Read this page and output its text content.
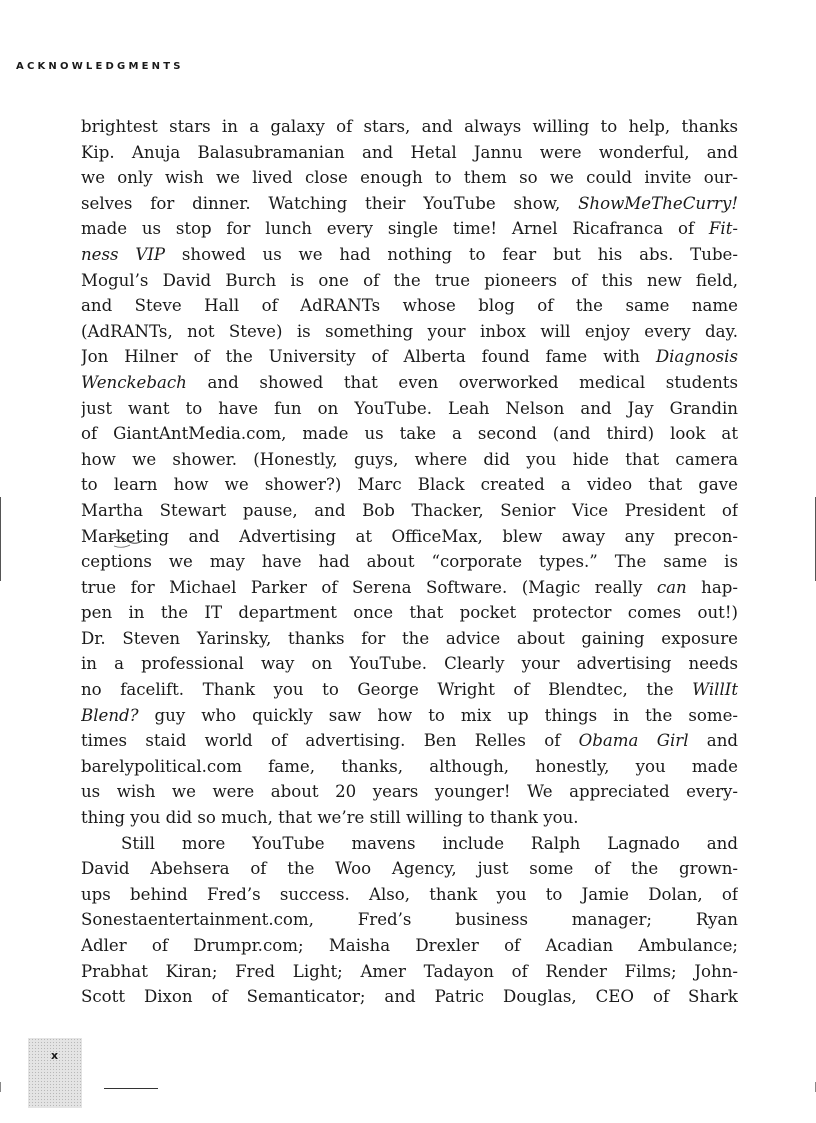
ACKNOWLEDGMENTS
brightest stars in a galaxy of stars, and always willing to help, thanks
Kip. Anuja Balasubramanian and Hetal Jannu were wonderful, and
we only wish we lived close enough to them so we could invite our-
selves for dinner. Watching their YouTube show, ShowMeTheCurry!
made us stop for lunch every single time! Arnel Ricafranca of Fit-
ness VIP showed us we had nothing to fear but his abs. Tube-
Mogul’s David Burch is one of the true pioneers of this new field,
and Steve Hall of AdRANTs whose blog of the same name
(AdRANTs, not Steve) is something your inbox will enjoy every day.
Jon Hilner of the University of Alberta found fame with Diagnosis
Wenckebach and showed that even overworked medical students
just want to have fun on YouTube. Leah Nelson and Jay Grandin
of GiantAntMedia.com, made us take a second (and third) look at
how we shower. (Honestly, guys, where did you hide that camera
to learn how we shower?) Marc Black created a video that gave
Martha Stewart pause, and Bob Thacker, Senior Vice President of
Marketing and Advertising at OfficeMax, blew away any precon-
ceptions we may have had about “corporate types.” The same is
true for Michael Parker of Serena Software. (Magic really can hap-
pen in the IT department once that pocket protector comes out!)
Dr. Steven Yarinsky, thanks for the advice about gaining exposure
in a professional way on YouTube. Clearly your advertising needs
no facelift. Thank you to George Wright of Blendtec, the WillIt
Blend? guy who quickly saw how to mix up things in the some-
times staid world of advertising. Ben Relles of Obama Girl and
barelypolitical.com fame, thanks, although, honestly, you made
us wish we were about 20 years younger! We appreciated every-
thing you did so much, that we’re still willing to thank you.
Still more YouTube mavens include Ralph Lagnado and
David Abehsera of the Woo Agency, just some of the grown-
ups behind Fred’s success. Also, thank you to Jamie Dolan, of
Sonestaentertainment.com, Fred’s business manager; Ryan
Adler of Drumpr.com; Maisha Drexler of Acadian Ambulance;
Prabhat Kiran; Fred Light; Amer Tadayon of Render Films; John-
Scott Dixon of Semanticator; and Patric Douglas, CEO of Shark
x
